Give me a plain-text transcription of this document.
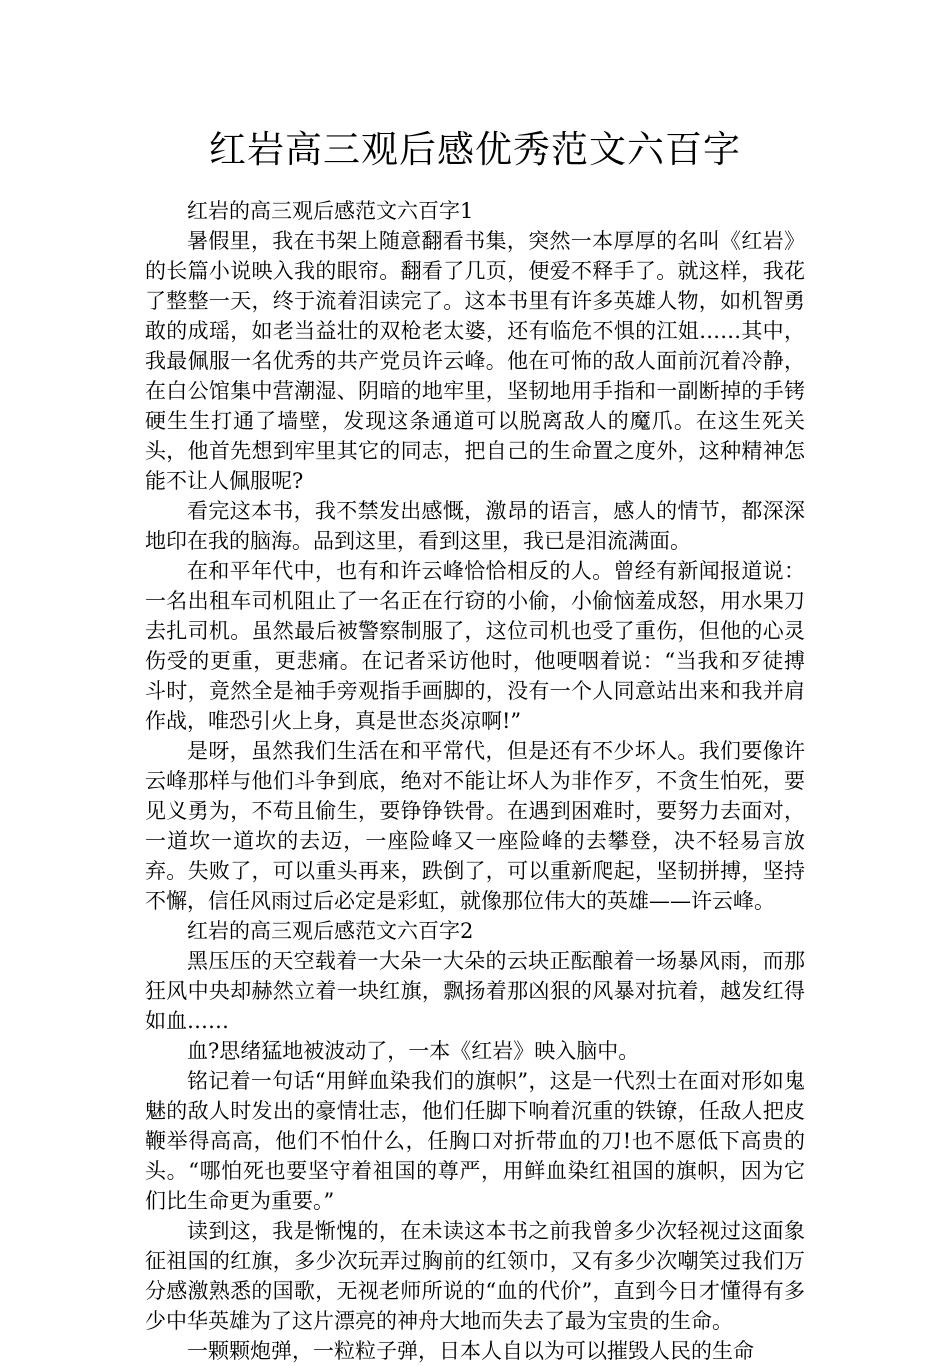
红岩高三观后感优秀范文六百字

红岩的高三观后感范文六百字1

暑假里，我在书架上随意翻看书集，突然一本厚厚的名叫《红岩》的长篇小说映入我的眼帘。翻看了几页，便爱不释手了。就这样，我花了整整一天，终于流着泪读完了。这本书里有许多英雄人物，如机智勇敢的成瑶，如老当益壮的双枪老太婆，还有临危不惧的江姐……其中，我最佩服一名优秀的共产党员许云峰。他在可怖的敌人面前沉着冷静，在白公馆集中营潮湿、阴暗的地牢里，坚韧地用手指和一副断掉的手铐硬生生打通了墙壁，发现这条通道可以脱离敌人的魔爪。在这生死关头，他首先想到牢里其它的同志，把自己的生命置之度外，这种精神怎能不让人佩服呢?

看完这本书，我不禁发出感慨，激昂的语言，感人的情节，都深深地印在我的脑海。品到这里，看到这里，我已是泪流满面。

在和平年代中，也有和许云峰恰恰相反的人。曾经有新闻报道说：一名出租车司机阻止了一名正在行窃的小偷，小偷恼羞成怒，用水果刀去扎司机。虽然最后被警察制服了，这位司机也受了重伤，但他的心灵伤受的更重，更悲痛。在记者采访他时，他哽咽着说：“当我和歹徒搏斗时，竟然全是袖手旁观指手画脚的，没有一个人同意站出来和我并肩作战，唯恐引火上身，真是世态炎凉啊!”

是呀，虽然我们生活在和平常代，但是还有不少坏人。我们要像许云峰那样与他们斗争到底，绝对不能让坏人为非作歹，不贪生怕死，要见义勇为，不苟且偷生，要铮铮铁骨。在遇到困难时，要努力去面对，一道坎一道坎的去迈，一座险峰又一座险峰的去攀登，决不轻易言放弃。失败了，可以重头再来，跌倒了，可以重新爬起，坚韧拼搏，坚持不懈，信任风雨过后必定是彩虹，就像那位伟大的英雄——许云峰。

红岩的高三观后感范文六百字2

黑压压的天空载着一大朵一大朵的云块正酝酿着一场暴风雨，而那狂风中央却赫然立着一块红旗，飘扬着那凶狠的风暴对抗着，越发红得如血……

血?思绪猛地被波动了，一本《红岩》映入脑中。

铭记着一句话“用鲜血染我们的旗帜”，这是一代烈士在面对形如鬼魅的敌人时发出的豪情壮志，他们任脚下响着沉重的铁镣，任敌人把皮鞭举得高高，他们不怕什么，任胸口对折带血的刀!也不愿低下高贵的头。“哪怕死也要坚守着祖国的尊严，用鲜血染红祖国的旗帜，因为它们比生命更为重要。”

读到这，我是惭愧的，在未读这本书之前我曾多少次轻视过这面象征祖国的红旗，多少次玩弄过胸前的红领巾，又有多少次嘲笑过我们万分感激熟悉的国歌，无视老师所说的“血的代价”，直到今日才懂得有多少中华英雄为了这片漂亮的神舟大地而失去了最为宝贵的生命。

一颗颗炮弹，一粒粒子弹，日本人自以为可以摧毁人民的生命
